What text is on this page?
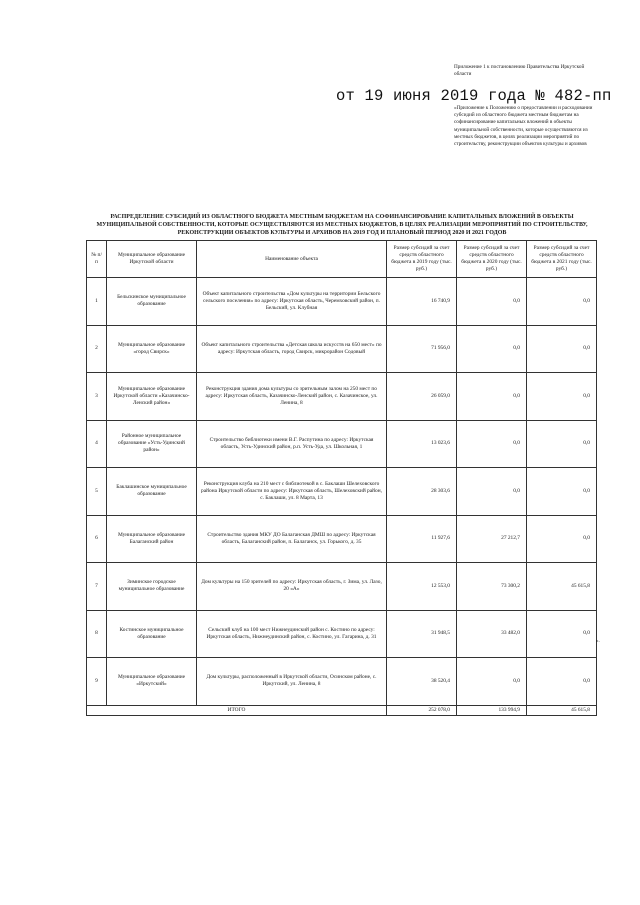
Приложение 1 к постановлению Правительства Иркутской области
от 19 июня 2019 года № 482-пп
«Приложение к Положению о предоставлении и расходовании субсидий из областного бюджета местным бюджетам на софинансирование капитальных вложений в объекты муниципальной собственности, которые осуществляются из местных бюджетов, в целях реализации мероприятий по строительству, реконструкции объектов культуры и архивов
РАСПРЕДЕЛЕНИЕ СУБСИДИЙ ИЗ ОБЛАСТНОГО БЮДЖЕТА МЕСТНЫМ БЮДЖЕТАМ НА СОФИНАНСИРОВАНИЕ КАПИТАЛЬНЫХ ВЛОЖЕНИЙ В ОБЪЕКТЫ МУНИЦИПАЛЬНОЙ СОБСТВЕННОСТИ, КОТОРЫЕ ОСУЩЕСТВЛЯЮТСЯ ИЗ МЕСТНЫХ БЮДЖЕТОВ, В ЦЕЛЯХ РЕАЛИЗАЦИИ МЕРОПРИЯТИЙ ПО СТРОИТЕЛЬСТВУ, РЕКОНСТРУКЦИИ ОБЪЕКТОВ КУЛЬТУРЫ И АРХИВОВ НА 2019 ГОД И ПЛАНОВЫЙ ПЕРИОД 2020 И 2021 ГОДОВ
№ п/п	Муниципальное образование Иркутской области	Наименование объекта	Размер субсидий за счет средств областного бюджета в 2019 году (тыс. руб.)	Размер субсидий за счет средств областного бюджета в 2020 году (тыс. руб.)	Размер субсидий за счет средств областного бюджета в 2021 году (тыс. руб.)
1	Бельскинское муниципальное образование	Объект капитального строительства «Дом культуры на территории Бельского сельского поселения» по адресу: Иркутская область, Черемховский район, п. Бельский, ул. Клубная	16 740,9	0,0	0,0
2	Муниципальное образование «город Свирск»	Объект капитального строительства «Детская школа искусств на 650 мест» по адресу: Иркутская область, город Свирск, микрорайон Содовый	71 956,0	0,0	0,0
3	Муниципальное образование Иркутской области «Казачинско-Ленский район»	Реконструкция здания дома культуры со зрительным залом на 250 мест по адресу: Иркутская область, Казачинско-Ленский район, с. Казачинское, ул. Ленина, 8	26 059,0	0,0	0,0
4	Районное муниципальное образование «Усть-Удинский район»	Строительство библиотеки имени В.Г. Распутина по адресу: Иркутская область, Усть-Удинский район, р.п. Усть-Уда, ул. Школьная, 1	13 023,6	0,0	0,0
5	Баклашинское муниципальное образование	Реконструкция клуба на 210 мест с библиотекой в с. Баклаши Шелеховского района Иркутской области по адресу: Иркутская область, Шелеховский район, с. Баклаши, ул. 8 Марта, 13	28 303,6	0,0	0,0
6	Муниципальное образование Балаганский район	Строительство здания МКУ ДО Балаганская ДМШ по адресу: Иркутская область, Балаганский район, п. Балаганск, ул. Горького, д. 35	11 927,6	27 212,7	0,0
7	Зиминское городское муниципальное образование	Дом культуры на 150 зрителей по адресу: Иркутская область, г. Зима, ул. Лазо, 20 «А»	12 553,0	73 300,2	45 615,8
8	Костинское муниципальное образование	Сельский клуб на 100 мест Нижнеудинский район с. Костино по адресу: Иркутская область, Нижнеудинский район, с. Костино, ул. Гагарина, д. 31	31 948,5	33 482,0	0,0
9	Муниципальное образование «Иркутский»	Дом культуры, расположенный в Иркутской области, Осинском районе, с. Иркутский, ул. Ленина, 8	38 520,4	0,0	0,0
ИТОГО			252 078,0	133 994,9	45 615,8
».
